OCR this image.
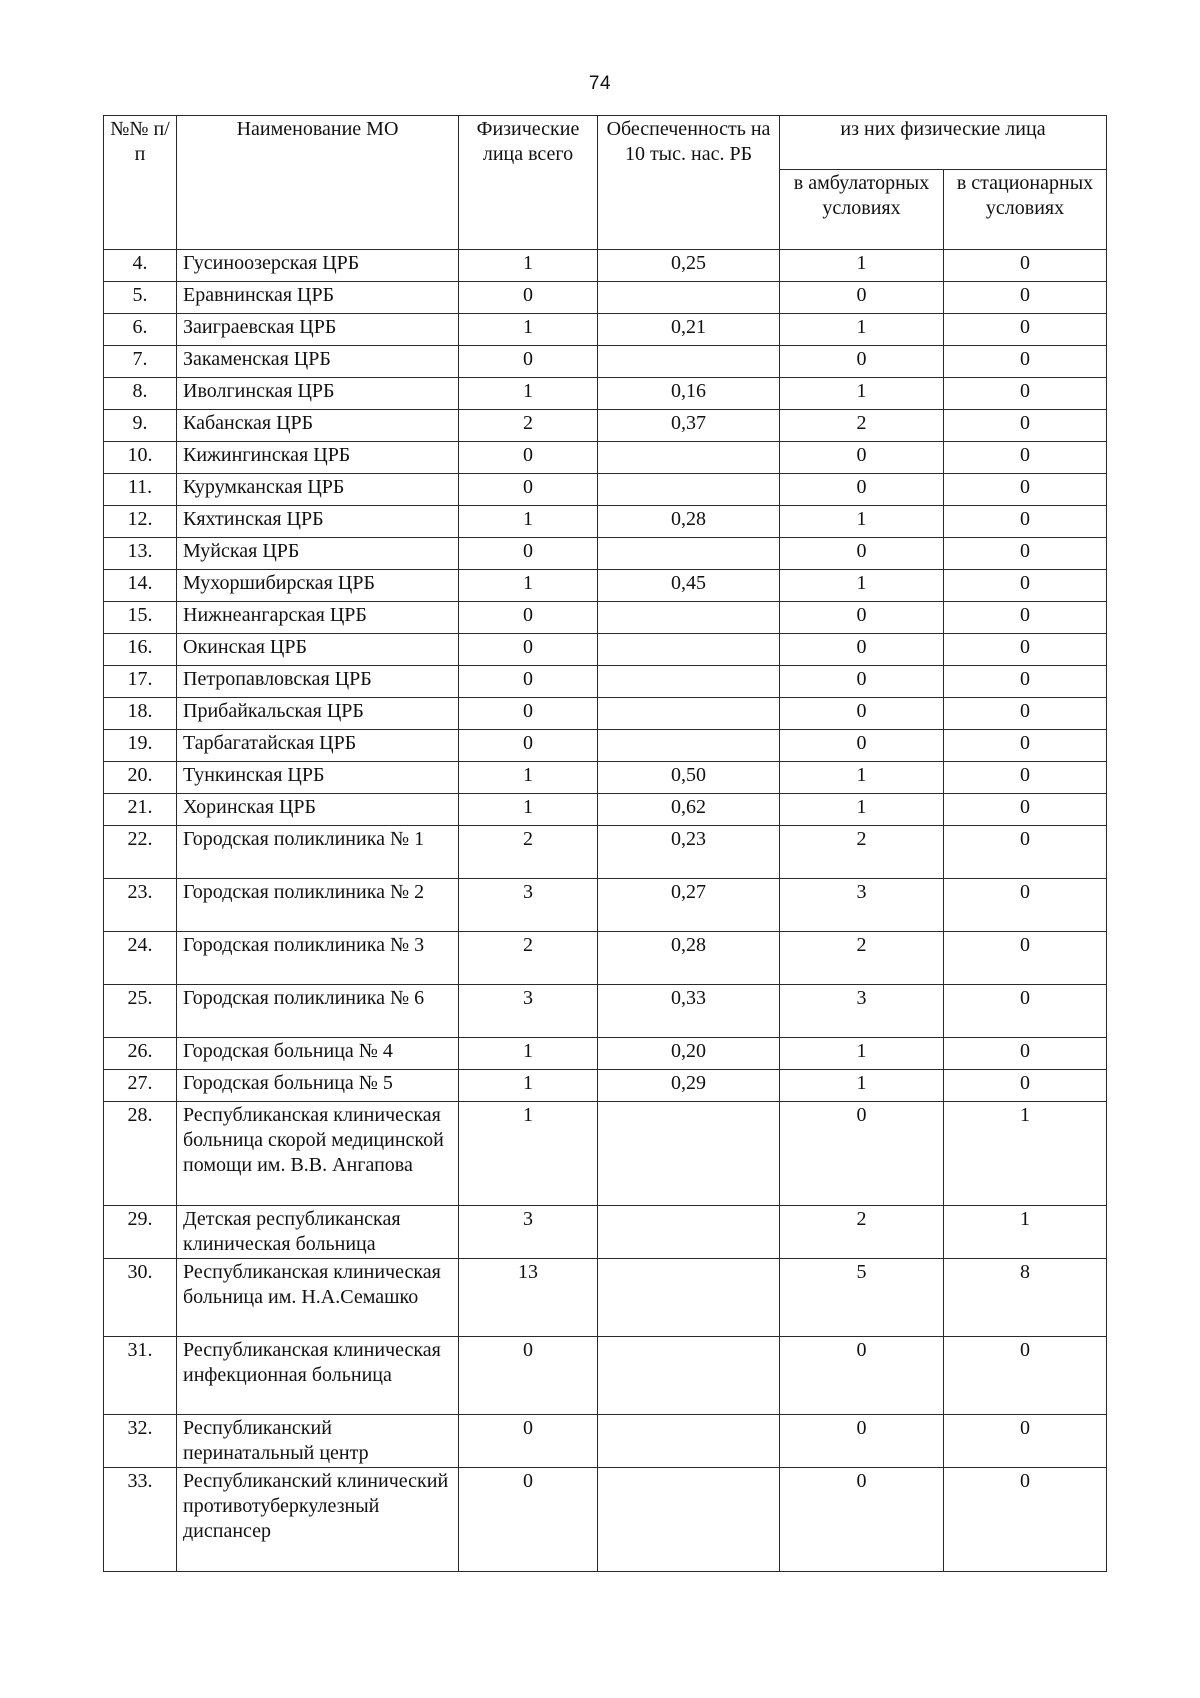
74
№№ п/п	Наименование МО	Физические лица всего	Обеспеченность на 10 тыс. нас. РБ	из них физические лица	
				в амбулаторных условиях	в стационарных условиях
4.	Гусиноозерская ЦРБ	1	0,25	1	0
5.	Еравнинская ЦРБ	0		0	0
6.	Заиграевская ЦРБ	1	0,21	1	0
7.	Закаменская ЦРБ	0		0	0
8.	Иволгинская ЦРБ	1	0,16	1	0
9.	Кабанская ЦРБ	2	0,37	2	0
10.	Кижингинская ЦРБ	0		0	0
11.	Курумканская ЦРБ	0		0	0
12.	Кяхтинская ЦРБ	1	0,28	1	0
13.	Муйская ЦРБ	0		0	0
14.	Мухоршибирская ЦРБ	1	0,45	1	0
15.	Нижнеангарская ЦРБ	0		0	0
16.	Окинская ЦРБ	0		0	0
17.	Петропавловская ЦРБ	0		0	0
18.	Прибайкальская ЦРБ	0		0	0
19.	Тарбагатайская ЦРБ	0		0	0
20.	Тункинская ЦРБ	1	0,50	1	0
21.	Хоринская ЦРБ	1	0,62	1	0
22.	Городская поликлиника № 1	2	0,23	2	0
23.	Городская поликлиника № 2	3	0,27	3	0
24.	Городская поликлиника № 3	2	0,28	2	0
25.	Городская поликлиника № 6	3	0,33	3	0
26.	Городская больница № 4	1	0,20	1	0
27.	Городская больница № 5	1	0,29	1	0
28.	Республиканская клиническая больница скорой медицинской помощи им. В.В. Ангапова	1		0	1
29.	Детская республиканская клиническая больница	3		2	1
30.	Республиканская клиническая больница им. Н.А.Семашко	13		5	8
31.	Республиканская клиническая инфекционная больница	0		0	0
32.	Республиканский перинатальный центр	0		0	0
33.	Республиканский клинический противотуберкулезный диспансер	0		0	0
